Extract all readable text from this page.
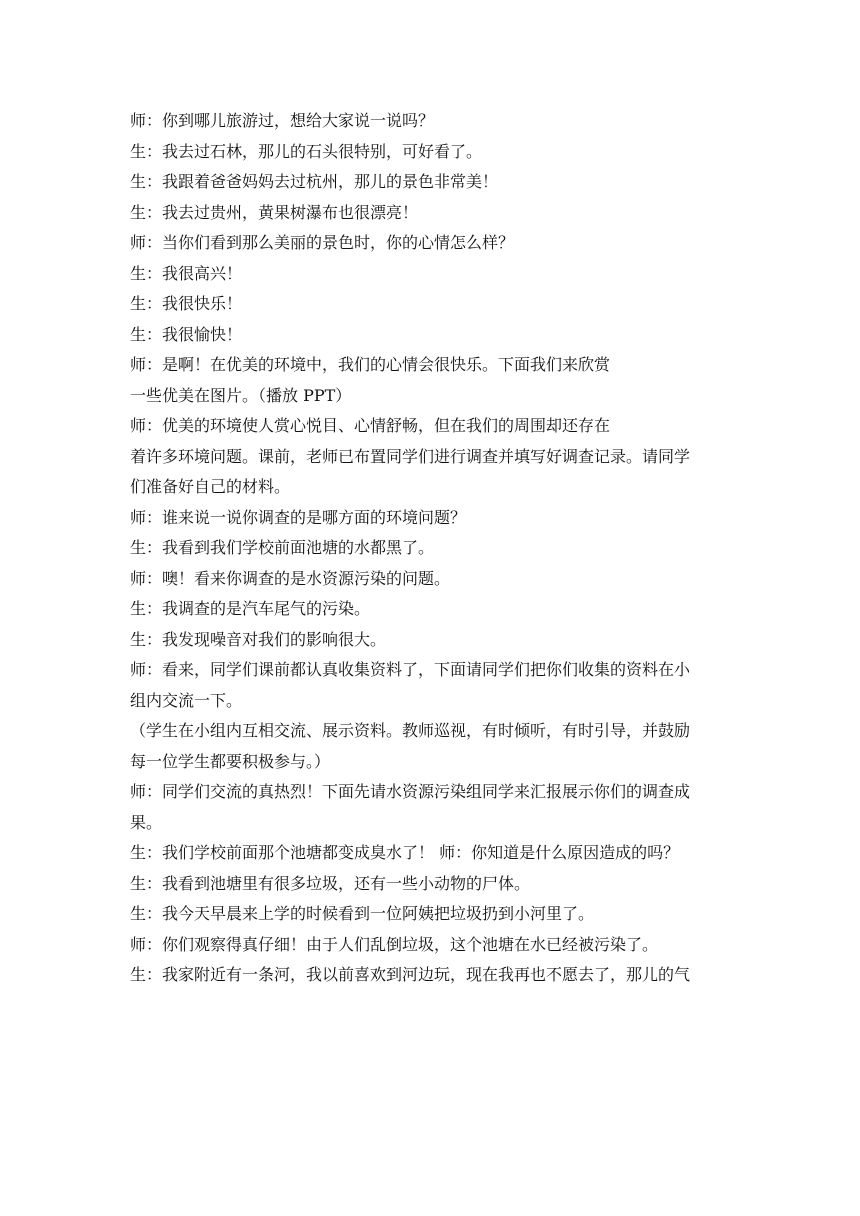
师：你到哪儿旅游过，想给大家说一说吗？
生：我去过石林，那儿的石头很特别，可好看了。
生：我跟着爸爸妈妈去过杭州，那儿的景色非常美！
生：我去过贵州，黄果树瀑布也很漂亮！
师：当你们看到那么美丽的景色时，你的心情怎么样？
生：我很高兴！
生：我很快乐！
生：我很愉快！
师：是啊！在优美的环境中，我们的心情会很快乐。下面我们来欣赏
一些优美在图片。（播放 PPT）
师：优美的环境使人赏心悦目、心情舒畅，但在我们的周围却还存在
着许多环境问题。课前，老师已布置同学们进行调查并填写好调查记录。请同学
们准备好自己的材料。
师：谁来说一说你调查的是哪方面的环境问题？
生：我看到我们学校前面池塘的水都黑了。
师：噢！看来你调查的是水资源污染的问题。
生：我调查的是汽车尾气的污染。
生：我发现噪音对我们的影响很大。
师：看来，同学们课前都认真收集资料了，下面请同学们把你们收集的资料在小
组内交流一下。
（学生在小组内互相交流、展示资料。教师巡视，有时倾听，有时引导，并鼓励
每一位学生都要积极参与。）
师：同学们交流的真热烈！下面先请水资源污染组同学来汇报展示你们的调查成
果。
生：我们学校前面那个池塘都变成臭水了！ 师：你知道是什么原因造成的吗？
生：我看到池塘里有很多垃圾，还有一些小动物的尸体。
生：我今天早晨来上学的时候看到一位阿姨把垃圾扔到小河里了。
师：你们观察得真仔细！由于人们乱倒垃圾，这个池塘在水已经被污染了。
生：我家附近有一条河，我以前喜欢到河边玩，现在我再也不愿去了，那儿的气
